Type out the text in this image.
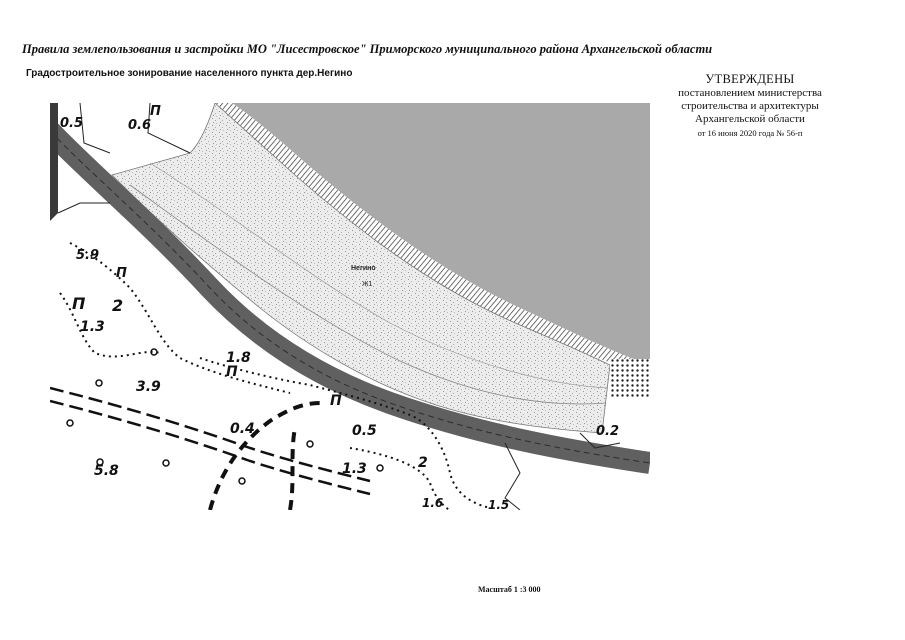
Правила землепользования и застройки МО "Лисестровское" Приморского муниципального района Архангельской области
Градостроительное зонирование населенного пункта дер.Негино	УТВЕРЖДЕНЫ
постановлением министерства
строительства и архитектуры
Архангельской области
от 16 июня 2020 года № 56-п
Негино
Ж1
0.5	0.6
П
5.9
П
П 2
1.3
1.8
П
3.9
П
0.4	0.5
5.8	1.3	2
1.6	1.5
0.2
Масштаб 1 :3 000
